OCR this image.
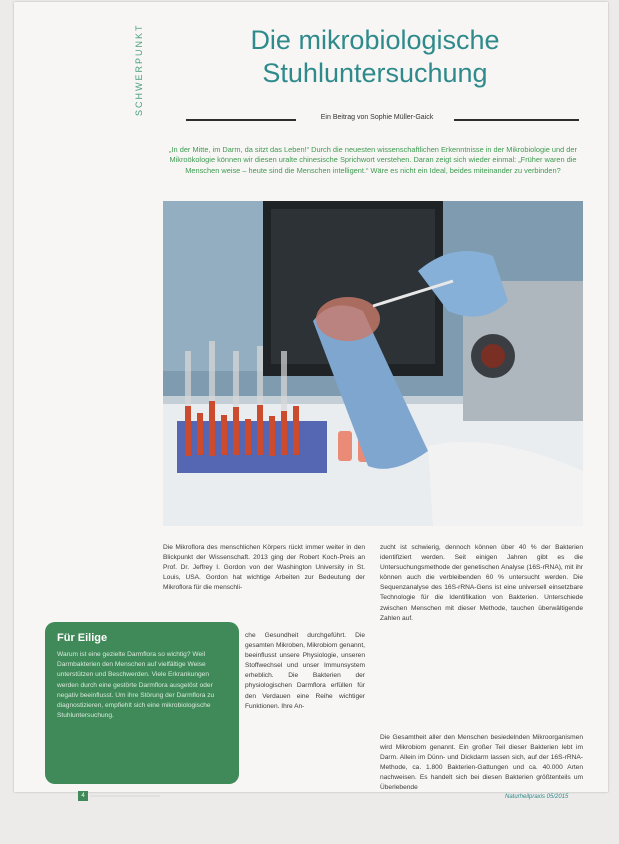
SCHWERPUNKT	Die mikrobiologische
Stuhluntersuchung
Ein Beitrag von Sophie Müller-Gaick
„In der Mitte, im Darm, da sitzt das Leben!“ Durch die neuesten wissenschaftlichen Erkenntnisse in der Mikrobiologie und der Mikroökologie können wir diesen uralte chinesische Sprichwort verstehen. Daran zeigt sich wieder einmal: „Früher waren die Menschen weise – heute sind die Menschen intelligent.“ Wäre es nicht ein Ideal, beides miteinander zu verbinden?
Die Mikroflora des menschlichen Körpers rückt immer weiter in den Blickpunkt der Wissenschaft. 2013 ging der Robert Koch-Preis an Prof. Dr. Jeffrey I. Gordon von der Washington University in St. Louis, USA. Gordon hat wichtige Arbeiten zur Bedeutung der Mikroflora für die menschli-
che Gesundheit durchgeführt. Die gesamten Mikroben, Mikrobiom genannt, beeinflusst unsere Physiologie, unseren Stoffwechsel und unser Immunsystem erheblich. Die Bakterien der physiologischen Darmflora erfüllen für den Verdauen eine Reihe wichtiger Funktionen. Ihre An-
zucht ist schwierig, dennoch können über 40 % der Bakterien identifiziert werden. Seit einigen Jahren gibt es die Untersuchungsmethode der genetischen Analyse (16S-rRNA), mit ihr können auch die verbleibenden 60 % untersucht werden. Die Sequenzanalyse des 16S-rRNA-Gens ist eine universell einsetzbare Technologie für die Identifikation von Bakterien. Unterschiede zwischen Menschen mit dieser Methode, tauchen überwältigende Zahlen auf.
Die Gesamtheit aller den Menschen besiedelnden Mikroorganismen wird Mikrobiom genannt. Ein großer Teil dieser Bakterien lebt im Darm. Allein im Dünn- und Dickdarm lassen sich, auf der 16S-rRNA-Methode, ca. 1.800 Bakterien-Gattungen und ca. 40.000 Arten nachweisen. Es handelt sich bei diesen Bakterien größtenteils um Überlebende
Für Eilige

Warum ist eine gezielte Darmflora so wichtig? Weil Darmbakterien den Menschen auf vielfältige Weise unterstützen und Beschwerden. Viele Erkrankungen werden durch eine gestörte Darmflora ausgelöst oder negativ beeinflusst. Um ihre Störung der Darmflora zu diagnostizieren, empfiehlt sich eine mikrobiologische Stuhluntersuchung.

4	Naturheilpraxis 05/2015
